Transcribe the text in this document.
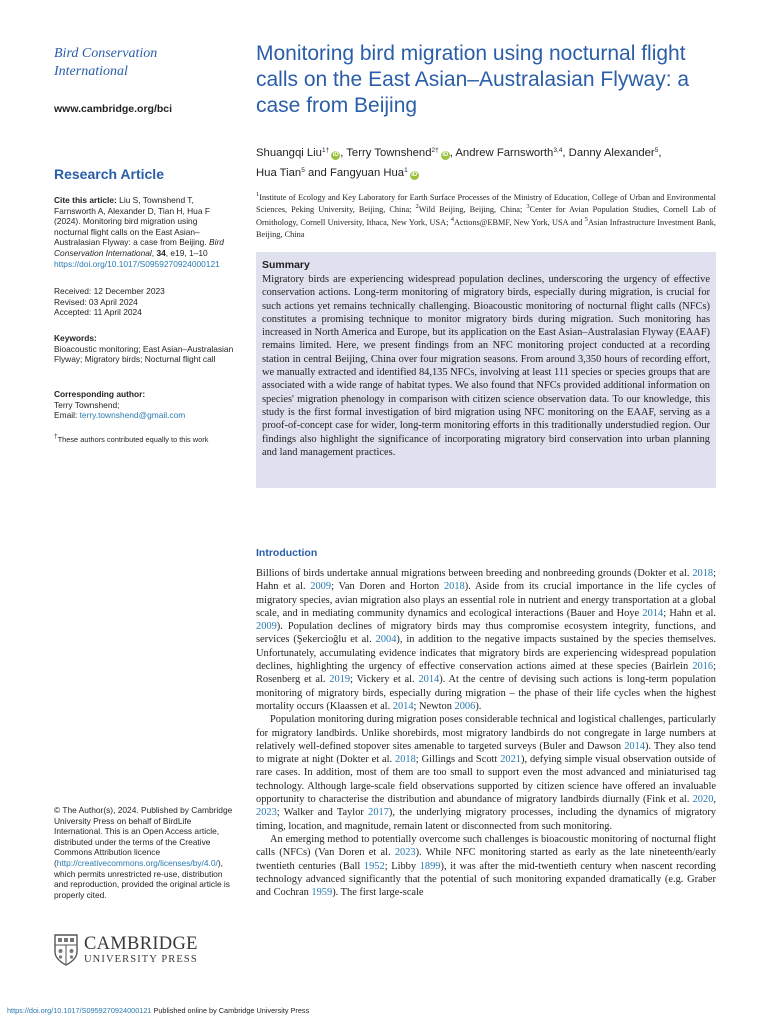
Bird Conservation
International
www.cambridge.org/bci
Research Article
Cite this article: Liu S, Townshend T, Farnsworth A, Alexander D, Tian H, Hua F (2024). Monitoring bird migration using nocturnal flight calls on the East Asian–Australasian Flyway: a case from Beijing. Bird Conservation International, 34, e19, 1–10 https://doi.org/10.1017/S0959270924000121
Received: 12 December 2023
Revised: 03 April 2024
Accepted: 11 April 2024
Keywords:
Bioacoustic monitoring; East Asian–Australasian Flyway; Migratory birds; Nocturnal flight call
Corresponding author:
Terry Townshend;
Email: terry.townshend@gmail.com
†These authors contributed equally to this work
© The Author(s), 2024. Published by Cambridge University Press on behalf of BirdLife International. This is an Open Access article, distributed under the terms of the Creative Commons Attribution licence (http://creativecommons.org/licenses/by/4.0/), which permits unrestricted re-use, distribution and reproduction, provided the original article is properly cited.
CAMBRIDGE
UNIVERSITY PRESS
https://doi.org/10.1017/S0959270924000121 Published online by Cambridge University Press
Monitoring bird migration using nocturnal flight calls on the East Asian–Australasian Flyway: a case from Beijing
Shuangqi Liu$^{1\dagger}$iD , Terry Townshend$^{2\dagger}$iD , Andrew Farnsworth$^{3,4}$, Danny Alexander$^5$,
Hua Tian$^5$ and Fangyuan Hua$^1$iD
$^1$Institute of Ecology and Key Laboratory for Earth Surface Processes of the Ministry of Education, College of Urban and Environmental Sciences, Peking University, Beijing, China; $^2$Wild Beijing, Beijing, China; $^3$Center for Avian Population Studies, Cornell Lab of Ornithology, Cornell University, Ithaca, New York, USA; $^4$Actions@EBMF, New York, USA and $^5$Asian Infrastructure Investment Bank, Beijing, China
Summary
Migratory birds are experiencing widespread population declines, underscoring the urgency of effective conservation actions. Long-term monitoring of migratory birds, especially during migration, is crucial for such actions yet remains technically challenging. Bioacoustic monitoring of nocturnal flight calls (NFCs) constitutes a promising technique to monitor migratory birds during migration. Such monitoring has increased in North America and Europe, but its application on the East Asian–Australasian Flyway (EAAF) remains limited. Here, we present findings from an NFC monitoring project conducted at a recording station in central Beijing, China over four migration seasons. From around 3,350 hours of recording effort, we manually extracted and identified 84,135 NFCs, involving at least 111 species or species groups that are associated with a wide range of habitat types. We also found that NFCs provided additional information on species' migration phenology in comparison with citizen science observation data. To our knowledge, this study is the first formal investigation of bird migration using NFC monitoring on the EAAF, serving as a proof-of-concept case for wider, long-term monitoring efforts in this traditionally understudied region. Our findings also highlight the significance of incorporating migratory bird conservation into urban planning and land management practices.
Introduction

Billions of birds undertake annual migrations between breeding and nonbreeding grounds (Dokter et al. 2018; Hahn et al. 2009; Van Doren and Horton 2018). Aside from its crucial importance in the life cycles of migratory species, avian migration also plays an essential role in nutrient and energy transportation at a global scale, and in mediating community dynamics and ecological interactions (Bauer and Hoye 2014; Hahn et al. 2009). Population declines of migratory birds may thus compromise ecosystem integrity, functions, and services (Şekercioğlu et al. 2004), in addition to the negative impacts sustained by the species themselves. Unfortunately, accumulating evidence indicates that migratory birds are experiencing widespread population declines, highlighting the urgency of effective conservation actions aimed at these species (Bairlein 2016; Rosenberg et al. 2019; Vickery et al. 2014). At the centre of devising such actions is long-term population monitoring of migratory birds, especially during migration – the phase of their life cycles when the highest mortality occurs (Klaassen et al. 2014; Newton 2006).

Population monitoring during migration poses considerable technical and logistical challenges, particularly for migratory landbirds. Unlike shorebirds, most migratory landbirds do not congregate in large numbers at relatively well-defined stopover sites amenable to targeted surveys (Buler and Dawson 2014). They also tend to migrate at night (Dokter et al. 2018; Gillings and Scott 2021), defying simple visual observation outside of rare cases. In addition, most of them are too small to support even the most advanced and miniaturised tag technology. Although large-scale field observations supported by citizen science have offered an invaluable opportunity to characterise the distribution and abundance of migratory landbirds diurnally (Fink et al. 2020, 2023; Walker and Taylor 2017), the underlying migratory processes, including the dynamics of migratory timing, location, and magnitude, remain latent or disconnected from such monitoring.

An emerging method to potentially overcome such challenges is bioacoustic monitoring of nocturnal flight calls (NFCs) (Van Doren et al. 2023). While NFC monitoring started as early as the late nineteenth/early twentieth centuries (Ball 1952; Libby 1899), it was after the mid-twentieth century when nascent recording technology advanced significantly that the potential of such monitoring expanded dramatically (e.g. Graber and Cochran 1959). The first large-scale
